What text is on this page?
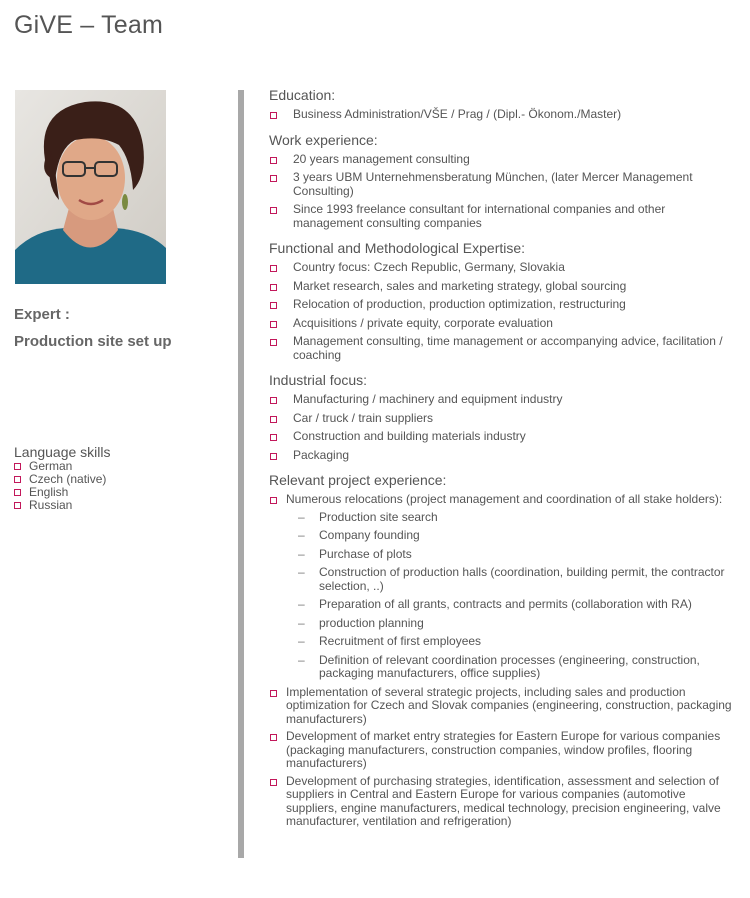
GiVE – Team
Expert :
Production site set up
Language skills
German
Czech (native)
English
Russian
Education:
Business Administration/VŠE / Prag / (Dipl.- Ökonom./Master)
Work experience:
20 years management consulting
3 years UBM Unternehmensberatung München, (later Mercer Management Consulting)
Since 1993 freelance consultant for international companies and other management consulting companies
Functional and Methodological Expertise:
Country focus: Czech Republic, Germany, Slovakia
Market research, sales and marketing strategy, global sourcing
Relocation of production, production optimization, restructuring
Acquisitions / private equity, corporate evaluation
Management consulting, time management or accompanying advice, facilitation / coaching
Industrial focus:
Manufacturing / machinery and equipment industry
Car / truck / train suppliers
Construction and building materials industry
Packaging
Relevant project experience:
Numerous relocations (project management and coordination of all stake holders):
– Production site search
– Company founding
– Purchase of plots
– Construction of production halls (coordination, building permit, the contractor selection, ..)
– Preparation of all grants, contracts and permits (collaboration with RA)
– production planning
– Recruitment of first employees
– Definition of relevant coordination processes (engineering, construction, packaging manufacturers, office supplies)
Implementation of several strategic projects, including sales and production optimization for Czech and Slovak companies (engineering, construction, packaging manufacturers)
Development of market entry strategies for Eastern Europe for various companies (packaging manufacturers, construction companies, window profiles, flooring manufacturers)
Development of purchasing strategies, identification, assessment and selection of suppliers in Central and Eastern Europe for various companies (automotive suppliers, engine manufacturers, medical technology, precision engineering, valve manufacturer, ventilation and refrigeration)
